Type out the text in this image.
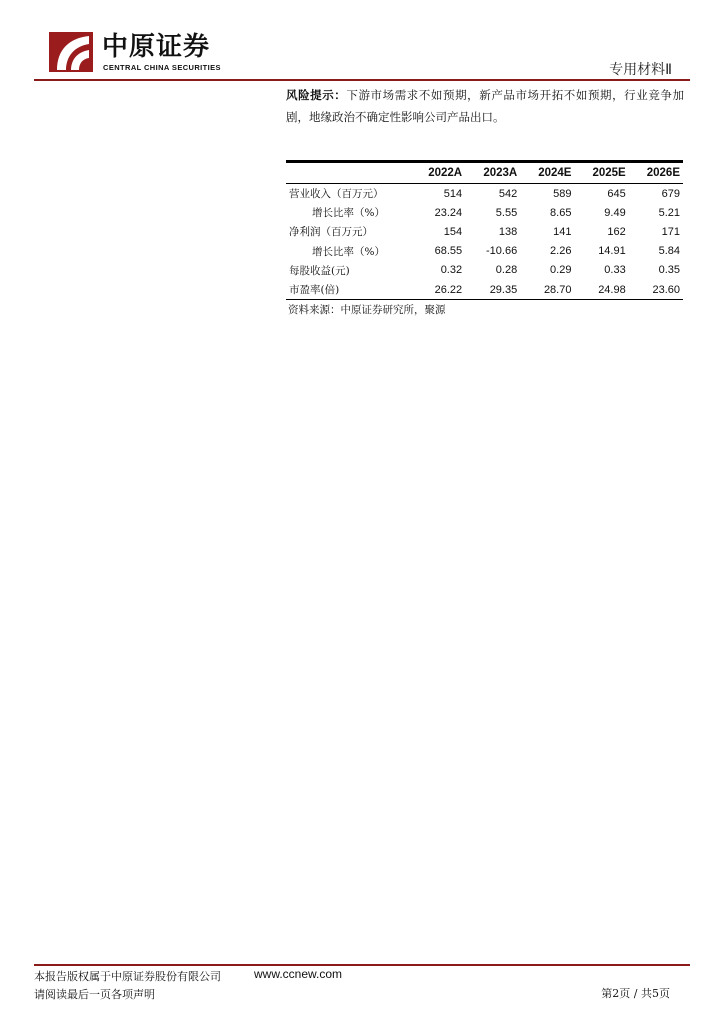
中原证券
CENTRAL CHINA SECURITIES	专用材料Ⅱ
风险提示：下游市场需求不如预期，新产品市场开拓不如预期，行业竞争加剧，地缘政治不确定性影响公司产品出口。
	2022A	2023A	2024E	2025E	2026E
营业收入（百万元）	514	542	589	645	679
增长比率（%）	23.24	5.55	8.65	9.49	5.21
净利润（百万元）	154	138	141	162	171
增长比率（%）	68.55	-10.66	2.26	14.91	5.84
每股收益(元)	0.32	0.28	0.29	0.33	0.35
市盈率(倍)	26.22	29.35	28.70	24.98	23.60
资料来源：中原证券研究所，聚源
本报告版权属于中原证券股份有限公司	www.ccnew.com
请阅读最后一页各项声明	第2页 / 共5页
